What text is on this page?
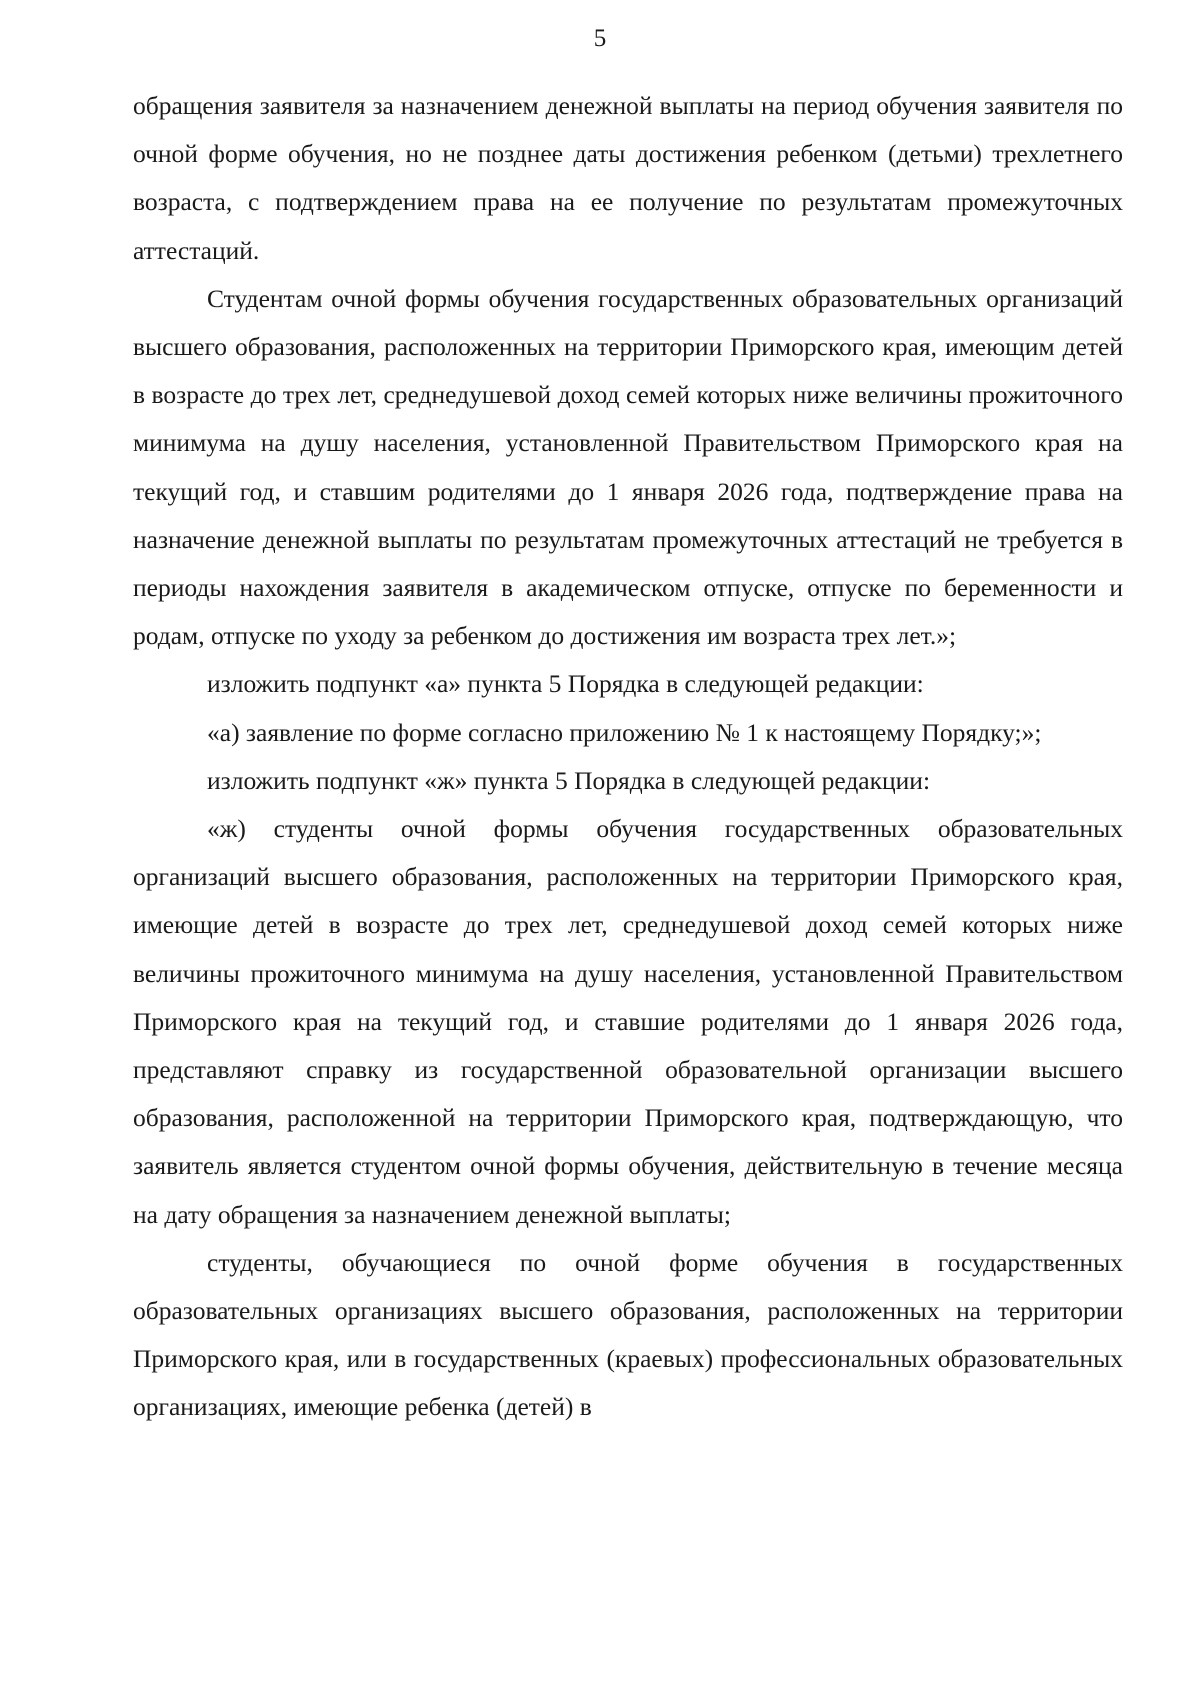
5

обращения заявителя за назначением денежной выплаты на период обучения заявителя по очной форме обучения, но не позднее даты достижения ребенком (детьми) трехлетнего возраста, с подтверждением права на ее получение по результатам промежуточных аттестаций.

Студентам очной формы обучения государственных образовательных организаций высшего образования, расположенных на территории Приморского края, имеющим детей в возрасте до трех лет, среднедушевой доход семей которых ниже величины прожиточного минимума на душу населения, установленной Правительством Приморского края на текущий год, и ставшим родителями до 1 января 2026 года, подтверждение права на назначение денежной выплаты по результатам промежуточных аттестаций не требуется в периоды нахождения заявителя в академическом отпуске, отпуске по беременности и родам, отпуске по уходу за ребенком до достижения им возраста трех лет.»;

изложить подпункт «а» пункта 5 Порядка в следующей редакции:

«а) заявление по форме согласно приложению № 1 к настоящему Порядку;»;

изложить подпункт «ж» пункта 5 Порядка в следующей редакции:

«ж) студенты очной формы обучения государственных образовательных организаций высшего образования, расположенных на территории Приморского края, имеющие детей в возрасте до трех лет, среднедушевой доход семей которых ниже величины прожиточного минимума на душу населения, установленной Правительством Приморского края на текущий год, и ставшие родителями до 1 января 2026 года, представляют справку из государственной образовательной организации высшего образования, расположенной на территории Приморского края, подтверждающую, что заявитель является студентом очной формы обучения, действительную в течение месяца на дату обращения за назначением денежной выплаты;

студенты, обучающиеся по очной форме обучения в государственных образовательных организациях высшего образования, расположенных на территории Приморского края, или в государственных (краевых) профессиональных образовательных организациях, имеющие ребенка (детей) в
